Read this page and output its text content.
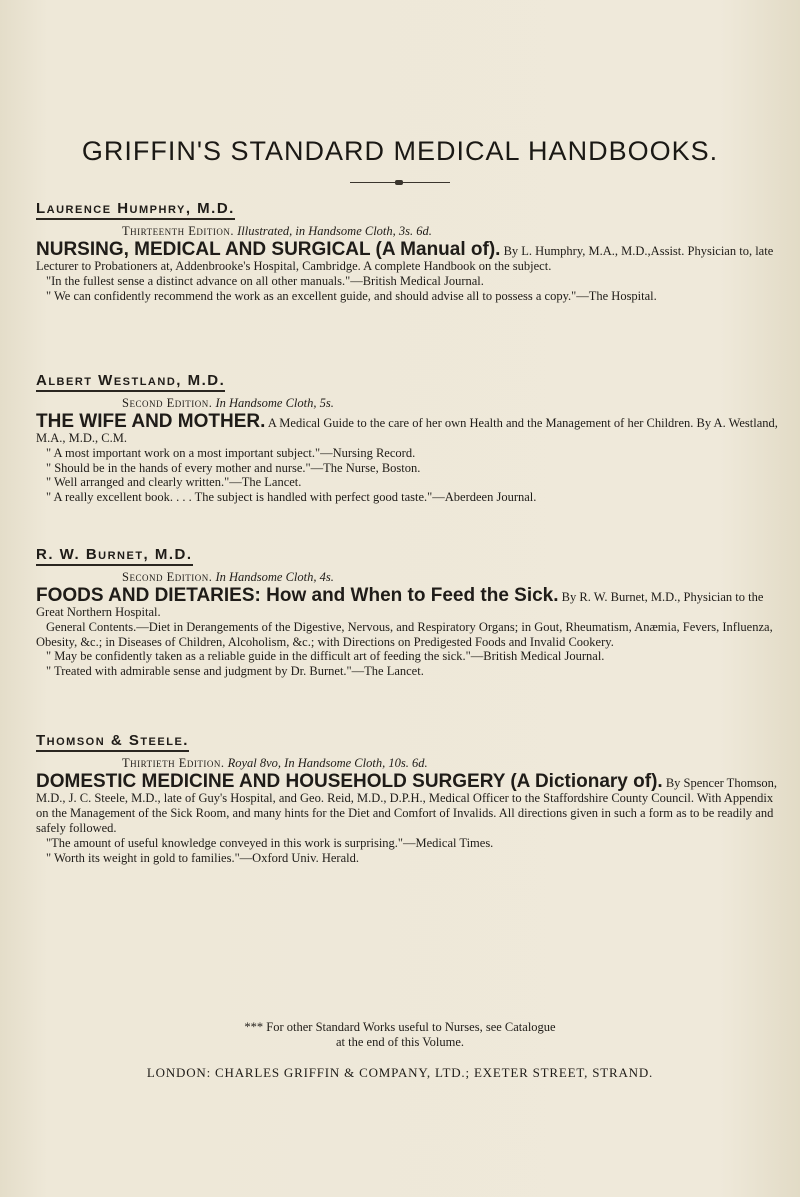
GRIFFIN'S STANDARD MEDICAL HANDBOOKS.
Laurence Humphry, M.D.
Thirteenth Edition. Illustrated, in Handsome Cloth, 3s. 6d.
NURSING, MEDICAL AND SURGICAL (A Manual of). By L. Humphry, M.A., M.D.,Assist. Physician to, late Lecturer to Probationers at, Addenbrooke's Hospital, Cambridge. A complete Handbook on the subject.

"In the fullest sense a distinct advance on all other manuals."—British Medical Journal.

" We can confidently recommend the work as an excellent guide, and should advise all to possess a copy."—The Hospital.

Albert Westland, M.D.
Second Edition. In Handsome Cloth, 5s.
THE WIFE AND MOTHER. A Medical Guide to the care of her own Health and the Management of her Children. By A. Westland, M.A., M.D., C.M.

" A most important work on a most important subject."—Nursing Record.

" Should be in the hands of every mother and nurse."—The Nurse, Boston.

" Well arranged and clearly written."—The Lancet.

" A really excellent book. . . . The subject is handled with perfect good taste."—Aberdeen Journal.

R. W. Burnet, M.D.
Second Edition. In Handsome Cloth, 4s.
FOODS AND DIETARIES: How and When to Feed the Sick. By R. W. Burnet, M.D., Physician to the Great Northern Hospital.

General Contents.—Diet in Derangements of the Digestive, Nervous, and Respiratory Organs; in Gout, Rheumatism, Anæmia, Fevers, Influenza, Obesity, &c.; in Diseases of Children, Alcoholism, &c.; with Directions on Predigested Foods and Invalid Cookery.

" May be confidently taken as a reliable guide in the difficult art of feeding the sick."—British Medical Journal.

" Treated with admirable sense and judgment by Dr. Burnet."—The Lancet.

Thomson & Steele.
Thirtieth Edition. Royal 8vo, In Handsome Cloth, 10s. 6d.
DOMESTIC MEDICINE AND HOUSEHOLD SURGERY (A Dictionary of). By Spencer Thomson, M.D., J. C. Steele, M.D., late of Guy's Hospital, and Geo. Reid, M.D., D.P.H., Medical Officer to the Staffordshire County Council. With Appendix on the Management of the Sick Room, and many hints for the Diet and Comfort of Invalids. All directions given in such a form as to be readily and safely followed.

"The amount of useful knowledge conveyed in this work is surprising."—Medical Times.

" Worth its weight in gold to families."—Oxford Univ. Herald.

*** For other Standard Works useful to Nurses, see Catalogue
at the end of this Volume.
LONDON: CHARLES GRIFFIN & COMPANY, LTD.; EXETER STREET, STRAND.
